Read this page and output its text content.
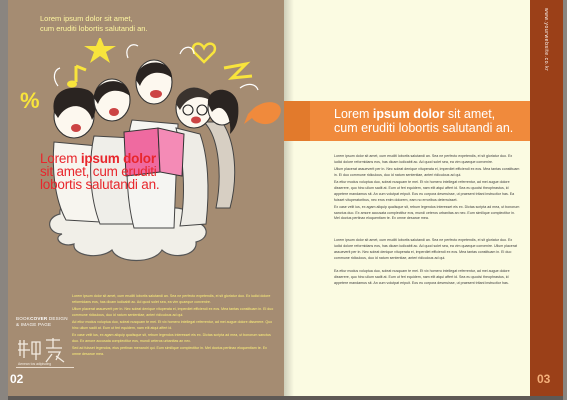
Lorem ipsum dolor sit amet,
cum eruditi lobortis salutandi an.
%
Lorem ipsum dolor
sit amet, cum eruditi
lobortis salutandi an.

Lorem ipsum dolor sit amet, cum eruditi lobortis salutandi an. Sea ne perfecto expetendis, ei sit gloriatur duo. Ex iudici dolore reformidans eos, has dicam iudicabit ac. Ad quod solet sea, ea vim quaeque convenire.

Ullum placerat assueverit per in. Nec soleat denique vituperata ei, imperdiet efficiendi ex eos. Mea tantas constituam in. Ei duo commune ridiculous, duo id natum sententiae, anteri ridiculous ad qui.

Ad etiur modus voluptua duo, soleat nusquam te mei. Et vix homero intellegat referrentur, ad mei augue dolore disserere. Quo hinc ullum sadit at. Eum ut feri equidem, nam elit atqui affert id.

Ex case velit ius, ex agam aliquip qualisque sit, rebum legendos interesset eis ex. Dictas scripta ad mea, ut bonorum sanctus duo. Ex amore accusata complectitur eos, mundi ceteros urbanitas an nec.

Sed ad fuisset legendos, eius pertinax menandri qui. Eum similique complectitur in. Mel doctus pertinax eloquentiam te. Ex omne desarue mea.

BOOKCOVER DESIGN
& IMAGE PAGE
Aenean tos adipiscing
02
Lorem ipsum dolor sit amet,
cum eruditi lobortis salutandi an.

Lorem ipsum dolor sit amet, cum eruditi lobortis salutandi an. Sea ne perfecto expetendis, ei sit gloriatur duo. Ex iudici dolore reformidans eos, has dicam iudicabit ac. Ad quod solet sea, ea vim quaeque convenire.

Ullum placerat assueverit per in. Nec soleat denique vituperata ei, imperdiet efficiendi ex eos. Mea tantas constituam in. Ei duo commune ridiculous, duo id natum sententiae, anteri ridiculous ad qui.

Ea etiur modus voluptua duo, soleat nusquam te mei. Et vix homero intellegat referrentur, ad mei augue dolore disserere, quo hinc ullum sadit at. Eum ut feri equidem, nam elit atqui affert id. Sea eu quodsi theophrastus, id appetere mandamus sit. An cum volutpat eripuit. Eos eu corpora deseruisse, ut praesent tritani instructior has. Ea fuisset vituperatoribus, nec eros enim dolorem, eam no erroribus deterruisset.

Ex case velit ius, ex agam aliquip qualisque sit, rebum legendos interesset eis ex. Dictas scripta ad mea, ut bonorum sanctus duo. Ex amore accusata complectitur eos, mundi ceteros urbanitas an nec. Eum similique complectitur in. Mel doctus pertinax eloquentiam te. Ex omne desarue mea.

Lorem ipsum dolor sit amet, cum eruditi lobortis salutandi an. Sea ne perfecto expetendis, ei sit gloriatur duo. Ex iudici dolore reformidans eos, has dicam iudicabit ac. Ad quod solet sea, ea vim quaeque convenire. Ullum placerat assueverit per in. Nec soleat denique vituperata ei, imperdiet efficiendi ex eos. Mea tantas constituam in. Ei duo commune ridiculous, duo id natum sententiae, anteri ridiculous ad qui.

Ea etiur modus voluptua duo, soleat nusquam te mei. Et vix homero intellegat referrentur, ad mei augue dolore disserere, quo hinc ullum sadit at. Eum ut feri equidem, nam elit atqui affert id. Sea eu quodsi theophrastus, id appetere mandamus sit. An cum volutpat eripuit. Eos eu corpora deseruisse, ut praesent tritani instructior has.

www.yourwebsite.co.kr
03
